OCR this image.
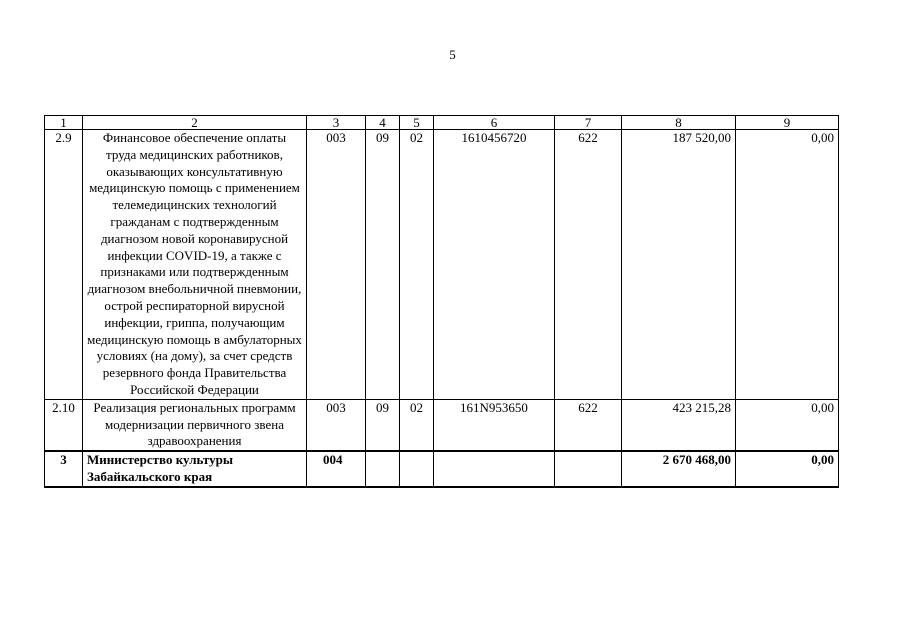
5
1	2	3	4	5	6	7	8	9
2.9	Финансовое обеспечение оплаты труда медицинских работников, оказывающих консультативную медицинскую помощь с применением телемедицинских технологий гражданам с подтвержденным диагнозом новой коронавирусной инфекции COVID-19, а также с признаками или подтвержденным диагнозом внебольничной пневмонии, острой респираторной вирусной инфекции, гриппа, получающим медицинскую помощь в амбулаторных условиях (на дому), за счет средств резервного фонда Правительства Российской Федерации	003	09	02	1610456720	622	187 520,00	0,00
2.10	Реализация региональных программ модернизации первичного звена здравоохранения	003	09	02	161N953650	622	423 215,28	0,00
3	Министерство культуры Забайкальского края	004					2 670 468,00	0,00
